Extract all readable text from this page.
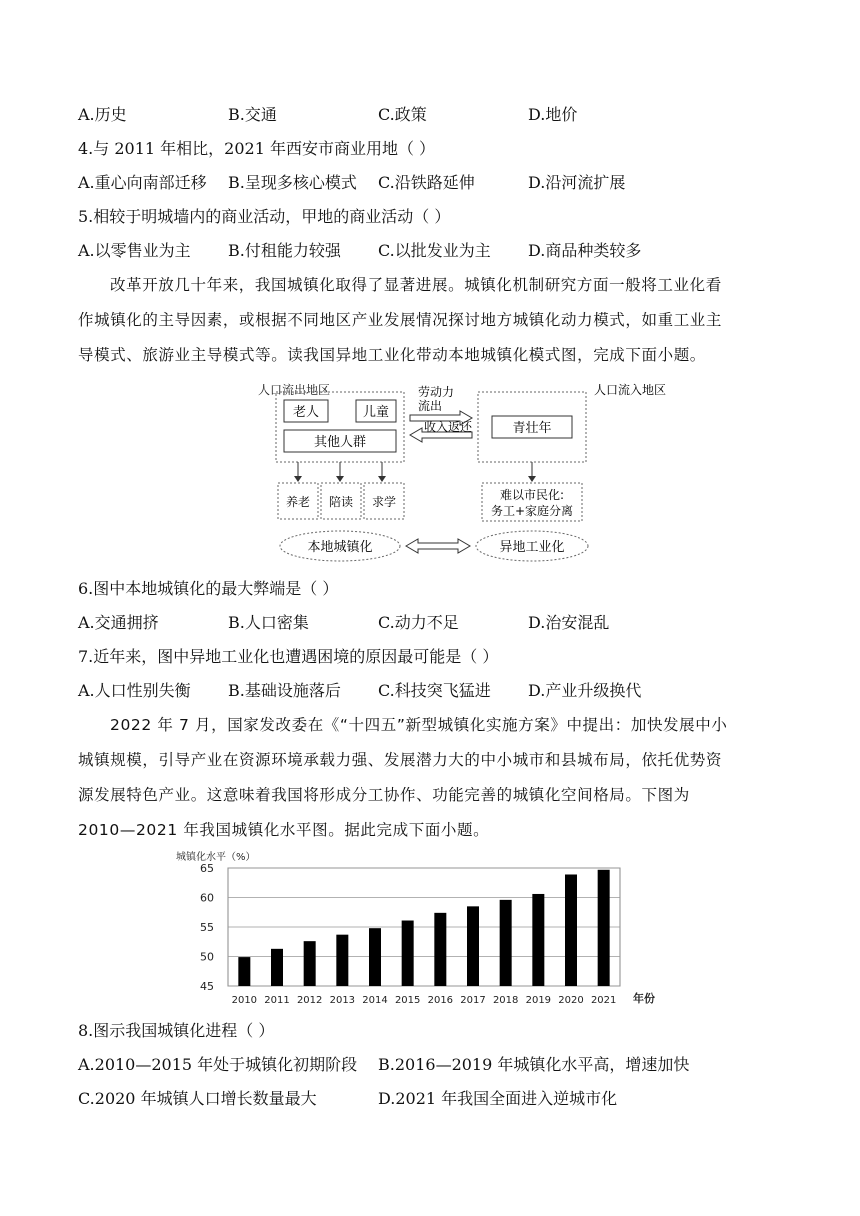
A.历史	B.交通	C.政策	D.地价
4.与 2011 年相比，2021 年西安市商业用地（ ）
A.重心向南部迁移 B.呈现多核心模式 C.沿铁路延伸	D.沿河流扩展
5.相较于明城墙内的商业活动，甲地的商业活动（ ）
A.以零售业为主 B.付租能力较强 C.以批发业为主 D.商品种类较多
改革开放几十年来，我国城镇化取得了显著进展。城镇化机制研究方面一般将工业化看
作城镇化的主导因素，或根据不同地区产业发展情况探讨地方城镇化动力模式，如重工业主
导模式、旅游业主导模式等。读我国异地工业化带动本地城镇化模式图，完成下面小题。
人口流出地区
老人	儿童
其他人群
劳动力
流出
收入返还	青壮年
人口流入地区
养老 陪读 求学	难以市民化:
务工+家庭分离
本地城镇化	异地工业化
6.图中本地城镇化的最大弊端是（ ）
A.交通拥挤	B.人口密集	C.动力不足	D.治安混乱
7.近年来，图中异地工业化也遭遇困境的原因最可能是（ ）
A.人口性别失衡 B.基础设施落后 C.科技突飞猛进 D.产业升级换代
2022 年 7 月，国家发改委在《“十四五”新型城镇化实施方案》中提出：加快发展中小
城镇规模，引导产业在资源环境承载力强、发展潜力大的中小城市和县城布局，依托优势资
源发展特色产业。这意味着我国将形成分工协作、功能完善的城镇化空间格局。下图为
2010—2021 年我国城镇化水平图。据此完成下面小题。
城镇化水平（%）
45
50
55
60
65
2010 2011 2012 2013 2014 2015 2016 2017 2018 2019 2020 2021 年份
8.图示我国城镇化进程（ ）
A.2010—2015 年处于城镇化初期阶段 B.2016—2019 年城镇化水平高，增速加快
C.2020 年城镇人口增长数量最大	D.2021 年我国全面进入逆城市化
